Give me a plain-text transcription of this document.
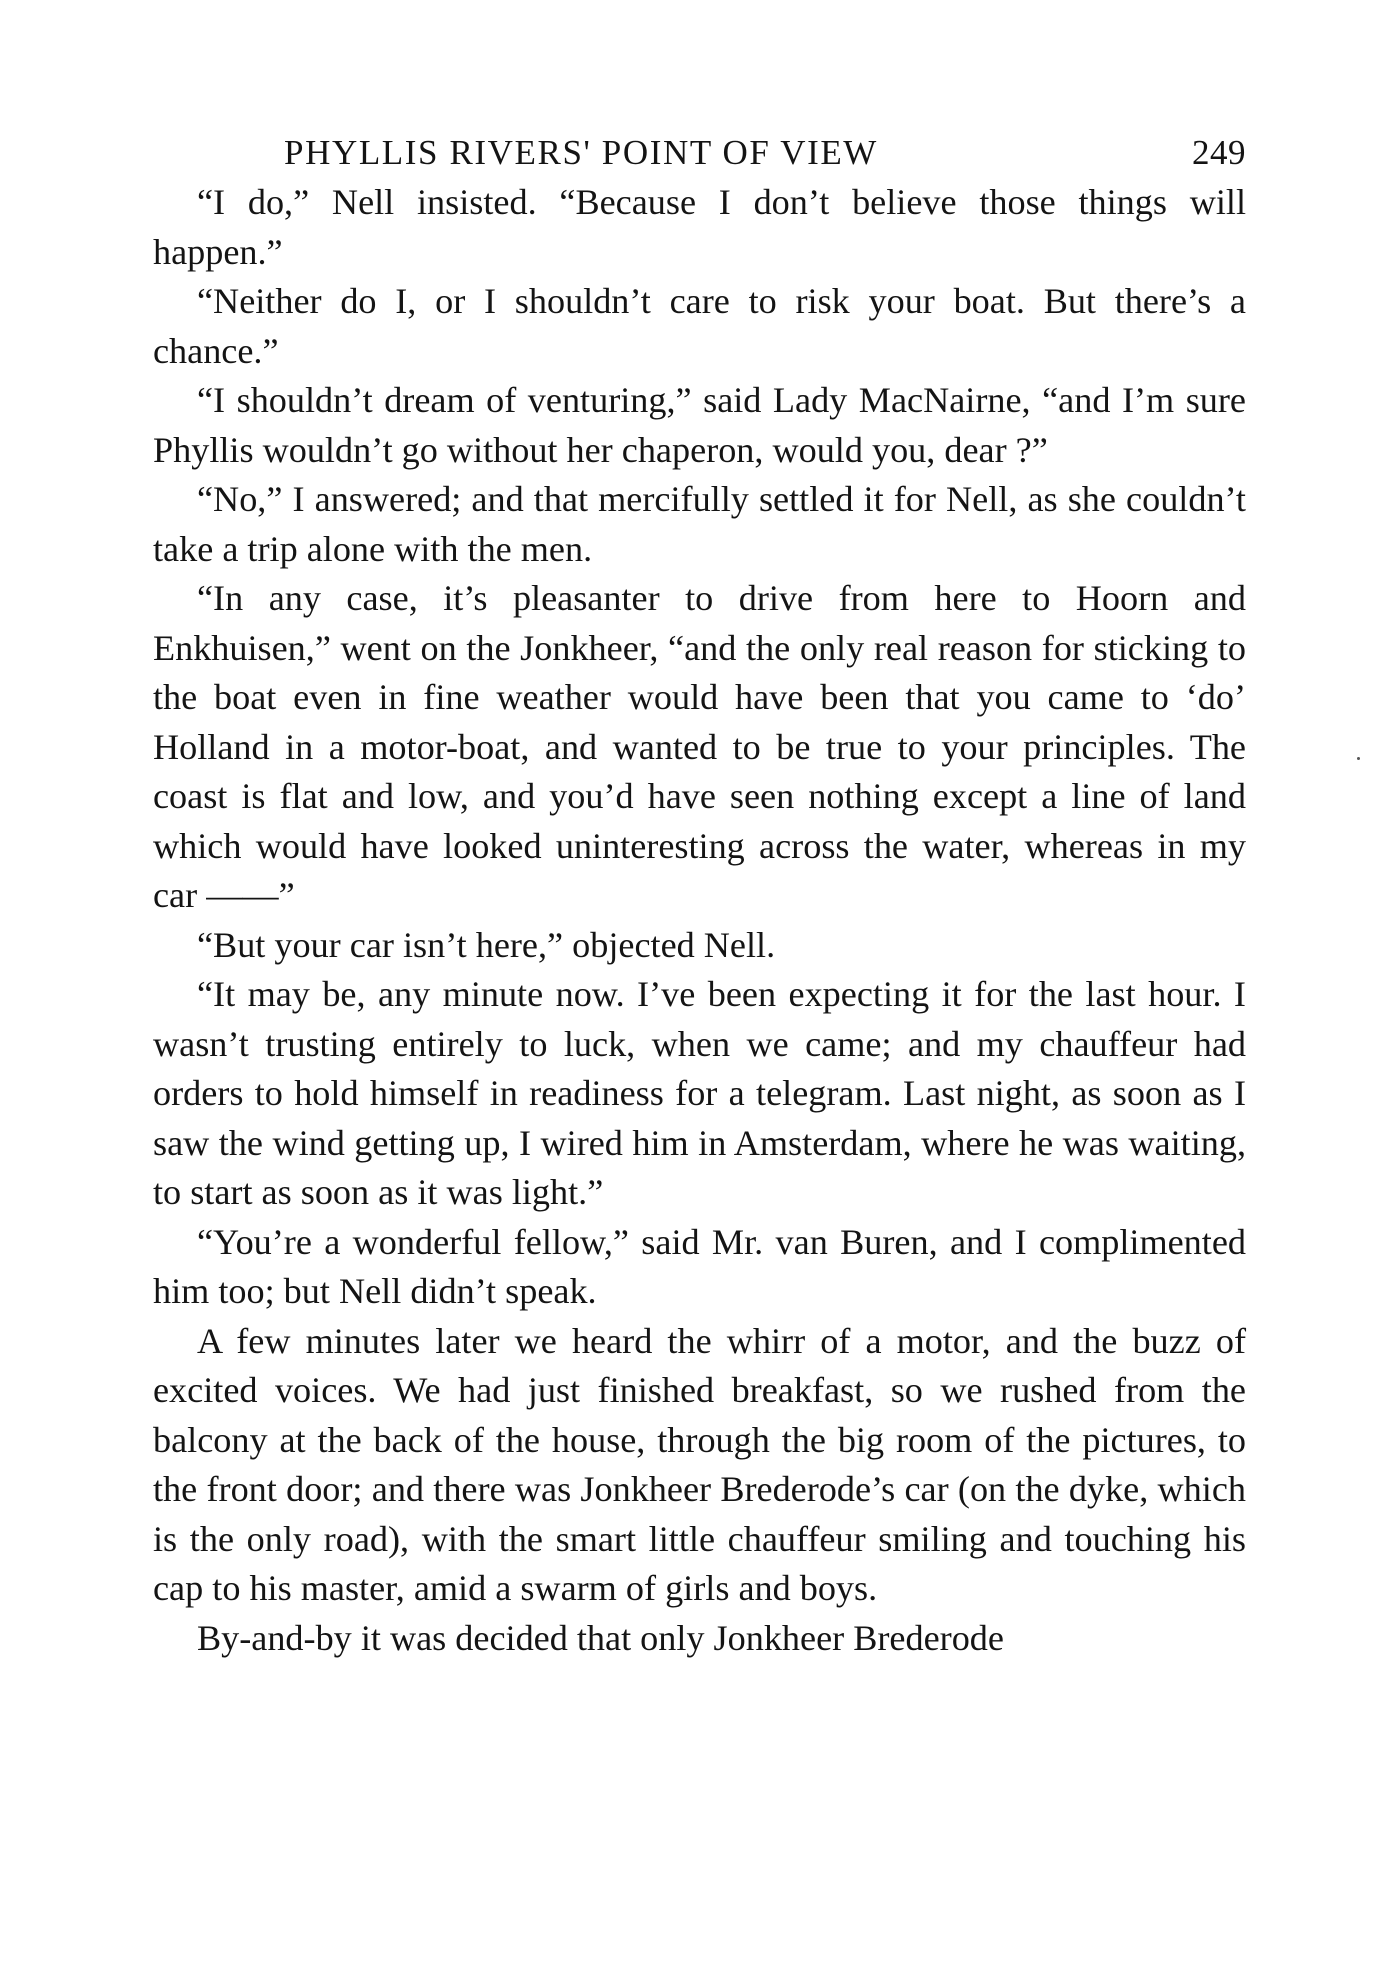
PHYLLIS RIVERS' POINT OF VIEW	249

“I do,” Nell insisted. “Because I don’t believe those things will happen.”

“Neither do I, or I shouldn’t care to risk your boat. But there’s a chance.”

“I shouldn’t dream of venturing,” said Lady MacNairne, “and I’m sure Phyllis wouldn’t go without her chaperon, would you, dear ?”

“No,” I answered; and that mercifully settled it for Nell, as she couldn’t take a trip alone with the men.

“In any case, it’s pleasanter to drive from here to Hoorn and Enkhuisen,” went on the Jonkheer, “and the only real reason for sticking to the boat even in fine weather would have been that you came to ‘do’ Holland in a motor-boat, and wanted to be true to your principles. The coast is flat and low, and you’d have seen nothing except a line of land which would have looked uninteresting across the water, whereas in my car ——”

“But your car isn’t here,” objected Nell.

“It may be, any minute now. I’ve been expecting it for the last hour. I wasn’t trusting entirely to luck, when we came; and my chauffeur had orders to hold himself in readiness for a telegram. Last night, as soon as I saw the wind getting up, I wired him in Amsterdam, where he was waiting, to start as soon as it was light.”

“You’re a wonderful fellow,” said Mr. van Buren, and I complimented him too; but Nell didn’t speak.

A few minutes later we heard the whirr of a motor, and the buzz of excited voices. We had just finished breakfast, so we rushed from the balcony at the back of the house, through the big room of the pictures, to the front door; and there was Jonkheer Brederode’s car (on the dyke, which is the only road), with the smart little chauffeur smiling and touching his cap to his master, amid a swarm of girls and boys.

By-and-by it was decided that only Jonkheer Brederode
